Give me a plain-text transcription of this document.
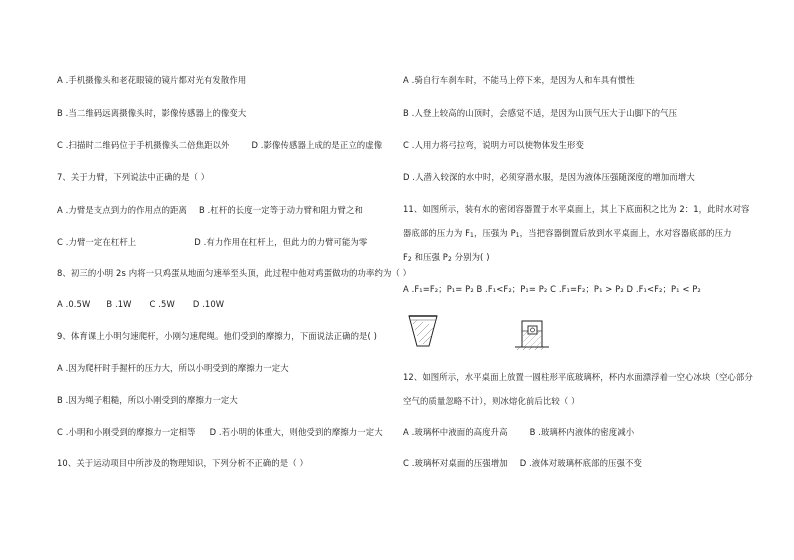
A .手机摄像头和老花眼镜的镜片都对光有发散作用
B .当二维码远离摄像头时，影像传感器上的像变大
C .扫描时二维码位于手机摄像头二倍焦距以外	D .影像传感器上成的是正立的虚像
7、关于力臂，下列说法中正确的是（ ）
A .力臂是支点到力的作用点的距离 B .杠杆的长度一定等于动力臂和阻力臂之和
C .力臂一定在杠杆上	D .有力作用在杠杆上，但此力的力臂可能为零
8、初三的小明 2s 内将一只鸡蛋从地面匀速举至头顶，此过程中他对鸡蛋做功的功率约为（ ）
A .0.5W B .1W C .5W D .10W
9、体育课上小明匀速爬杆，小刚匀速爬绳。他们受到的摩擦力，下面说法正确的是( )
A .因为爬杆时手握杆的压力大，所以小明受到的摩擦力一定大
B .因为绳子粗糙，所以小刚受到的摩擦力一定大
C .小明和小刚受到的摩擦力一定相等 D .若小明的体重大，则他受到的摩擦力一定大
10、关于运动项目中所涉及的物理知识，下列分析不正确的是（ ）
A .骑自行车刹车时，不能马上停下来，是因为人和车具有惯性
B .人登上较高的山顶时，会感觉不适，是因为山顶气压大于山脚下的气压
C .人用力将弓拉弯，说明力可以使物体发生形变
D .人潜入较深的水中时，必须穿潜水服，是因为液体压强随深度的增加而增大
11、如图所示，装有水的密闭容器置于水平桌面上，其上下底面积之比为 2：1，此时水对容
器底部的压力为 $F_1$，压强为 $P_1$，当把容器倒置后放到水平桌面上，水对容器底部的压力
$F_2$ 和压强 $P_2$ 分别为( )
A .F₁=F₂；P₁= P₂ B .F₁<F₂；P₁= P₂ C .F₁=F₂；P₁ > P₂ D .F₁<F₂；P₁ < P₂
12、如图所示，水平桌面上放置一圆柱形平底玻璃杯，杯内水面漂浮着一空心冰块（空心部分
空气的质量忽略不计），则冰熔化前后比较（ ）
A .玻璃杯中液面的高度升高	B .玻璃杯内液体的密度减小
C .玻璃杯对桌面的压强增加 D .液体对玻璃杯底部的压强不变
